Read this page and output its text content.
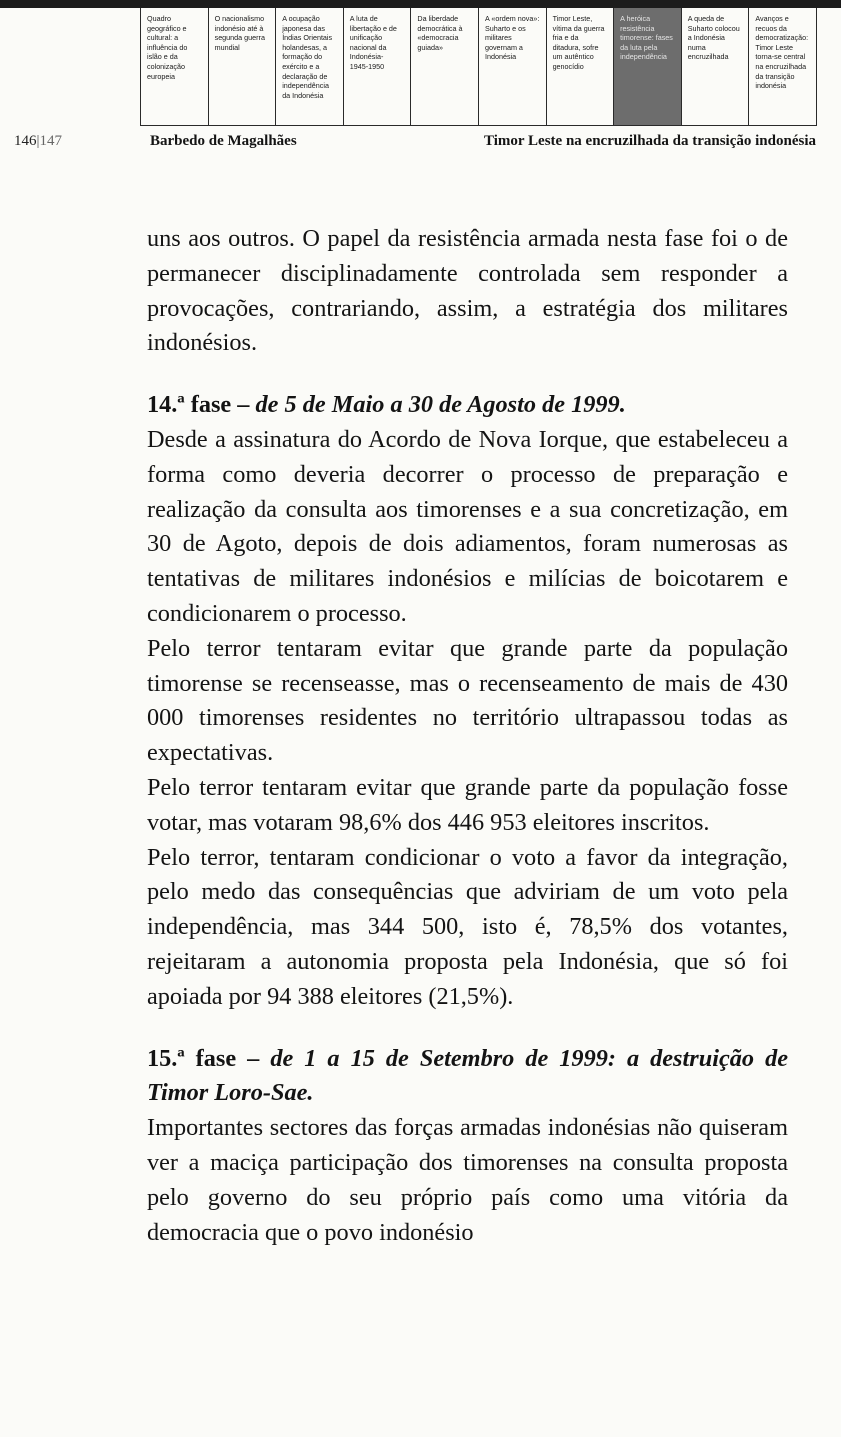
Quadro
geográfico e
cultural: a
influência do
islão e da
colonização
europeia
O nacionalismo
indonésio até à
segunda guerra
mundial
A ocupação
japonesa das
Índias Orientais
holandesas, a
formação do
exército e a
declaração de
independência
da Indonésia
A luta de
libertação e de
unificação
nacional da
Indonésia-
1945-1950
Da liberdade
democrática à
«democracia
guiada»
A «ordem nova»:
Suharto e os
militares
governam a
Indonésia
Timor Leste,
vítima da guerra
fria e da
ditadura, sofre
um autêntico
genocídio
A heróica
resistência
timorense: fases
da luta pela
independência
A queda de
Suharto colocou
a Indonésia
numa
encruzilhada
Avanços e
recuos da
democratização:
Timor Leste
torna-se central
na encruzilhada
da transição
indonésia
146|147	Barbedo de Magalhães	Timor Leste na encruzilhada da transição indonésia

uns aos outros. O papel da resistência armada nesta fase foi o de permanecer disciplinadamente controlada sem responder a provocações, contrariando, assim, a estratégia dos militares indonésios.

14.ª fase – de 5 de Maio a 30 de Agosto de 1999.

Desde a assinatura do Acordo de Nova Iorque, que estabeleceu a forma como deveria decorrer o processo de preparação e realização da consulta aos timorenses e a sua concretização, em 30 de Agoto, depois de dois adiamentos, foram numerosas as tentativas de militares indonésios e milícias de boicotarem e condicionarem o processo.

Pelo terror tentaram evitar que grande parte da população timorense se recenseasse, mas o recenseamento de mais de 430 000 timorenses residentes no território ultrapassou todas as expectativas.

Pelo terror tentaram evitar que grande parte da população fosse votar, mas votaram 98,6% dos 446 953 eleitores inscritos.

Pelo terror, tentaram condicionar o voto a favor da integração, pelo medo das consequências que adviriam de um voto pela independência, mas 344 500, isto é, 78,5% dos votantes, rejeitaram a autonomia proposta pela Indonésia, que só foi apoiada por 94 388 eleitores (21,5%).

15.ª fase – de 1 a 15 de Setembro de 1999: a destruição de Timor Loro-Sae.

Importantes sectores das forças armadas indonésias não quiseram ver a maciça participação dos timorenses na consulta proposta pelo governo do seu próprio país como uma vitória da democracia que o povo indonésio
